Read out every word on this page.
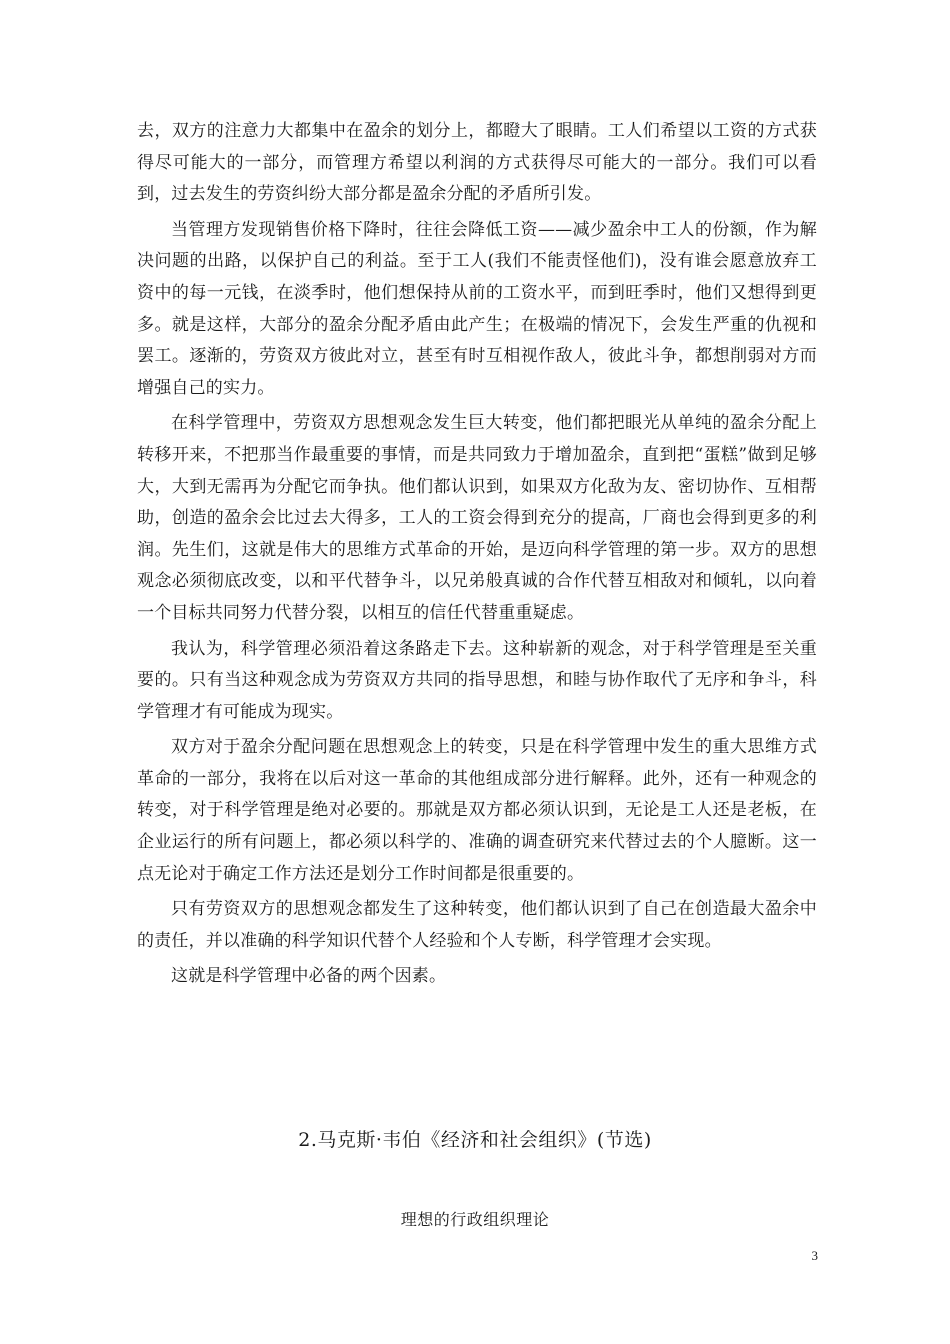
去，双方的注意力大都集中在盈余的划分上，都瞪大了眼睛。工人们希望以工资的方式获得尽可能大的一部分，而管理方希望以利润的方式获得尽可能大的一部分。我们可以看到，过去发生的劳资纠纷大部分都是盈余分配的矛盾所引发。

当管理方发现销售价格下降时，往往会降低工资——减少盈余中工人的份额，作为解决问题的出路，以保护自己的利益。至于工人(我们不能责怪他们)，没有谁会愿意放弃工资中的每一元钱，在淡季时，他们想保持从前的工资水平，而到旺季时，他们又想得到更多。就是这样，大部分的盈余分配矛盾由此产生；在极端的情况下，会发生严重的仇视和罢工。逐渐的，劳资双方彼此对立，甚至有时互相视作敌人，彼此斗争，都想削弱对方而增强自己的实力。

在科学管理中，劳资双方思想观念发生巨大转变，他们都把眼光从单纯的盈余分配上转移开来，不把那当作最重要的事情，而是共同致力于增加盈余，直到把“蛋糕”做到足够大，大到无需再为分配它而争执。他们都认识到，如果双方化敌为友、密切协作、互相帮助，创造的盈余会比过去大得多，工人的工资会得到充分的提高，厂商也会得到更多的利润。先生们，这就是伟大的思维方式革命的开始，是迈向科学管理的第一步。双方的思想观念必须彻底改变，以和平代替争斗，以兄弟般真诚的合作代替互相敌对和倾轧，以向着一个目标共同努力代替分裂，以相互的信任代替重重疑虑。

我认为，科学管理必须沿着这条路走下去。这种崭新的观念，对于科学管理是至关重要的。只有当这种观念成为劳资双方共同的指导思想，和睦与协作取代了无序和争斗，科学管理才有可能成为现实。

双方对于盈余分配问题在思想观念上的转变，只是在科学管理中发生的重大思维方式革命的一部分，我将在以后对这一革命的其他组成部分进行解释。此外，还有一种观念的转变，对于科学管理是绝对必要的。那就是双方都必须认识到，无论是工人还是老板，在企业运行的所有问题上，都必须以科学的、准确的调查研究来代替过去的个人臆断。这一点无论对于确定工作方法还是划分工作时间都是很重要的。

只有劳资双方的思想观念都发生了这种转变，他们都认识到了自己在创造最大盈余中的责任，并以准确的科学知识代替个人经验和个人专断，科学管理才会实现。

这就是科学管理中必备的两个因素。

2.马克斯·韦伯《经济和社会组织》(节选)
理想的行政组织理论
3
